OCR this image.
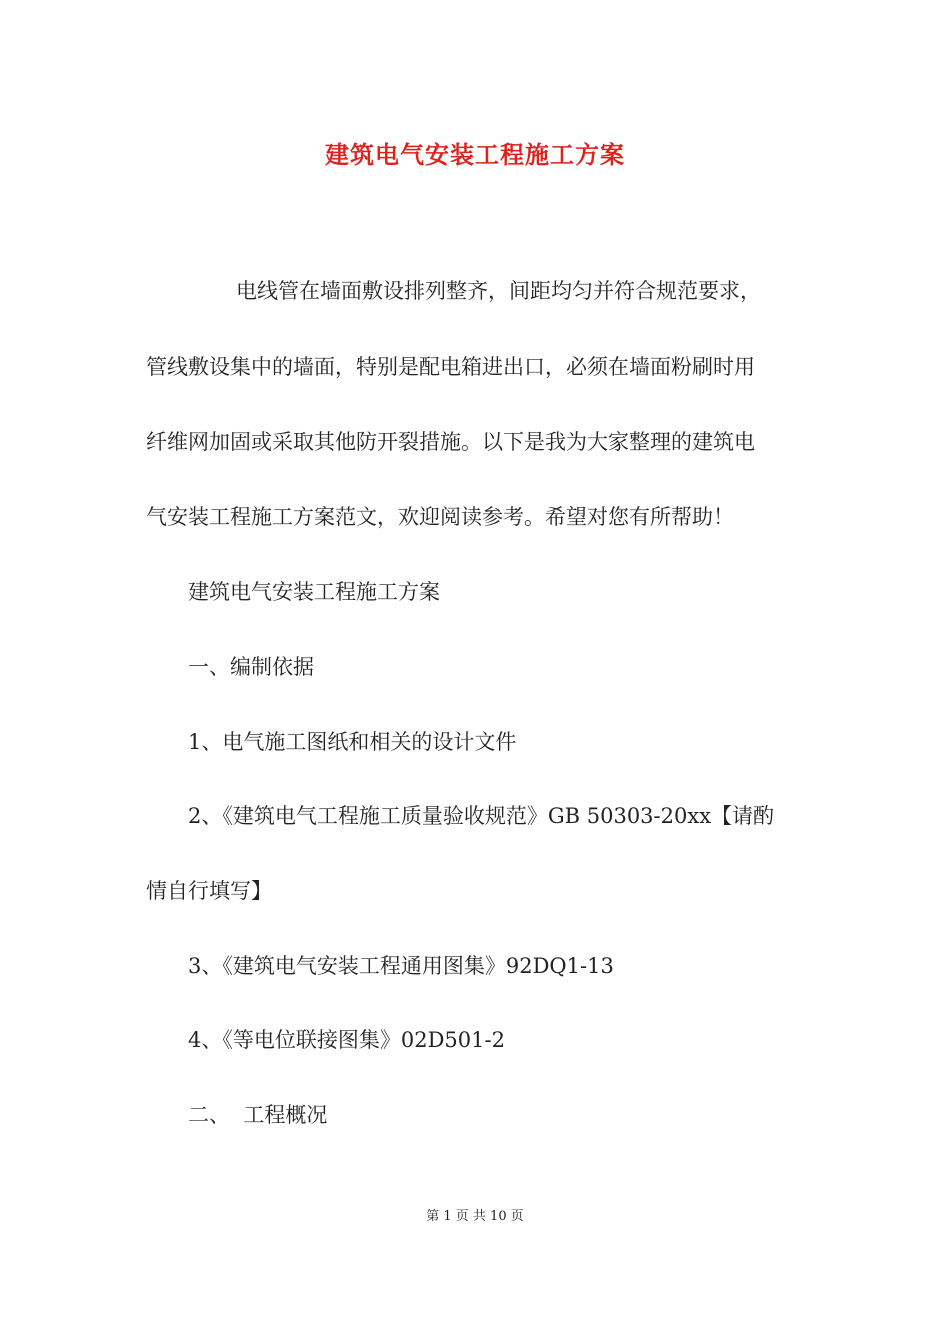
建筑电气安装工程施工方案
电线管在墙面敷设排列整齐，间距均匀并符合规范要求，
管线敷设集中的墙面，特别是配电箱进出口，必须在墙面粉刷时用
纤维网加固或采取其他防开裂措施。以下是我为大家整理的建筑电
气安装工程施工方案范文，欢迎阅读参考。希望对您有所帮助！
建筑电气安装工程施工方案
一、编制依据
1、电气施工图纸和相关的设计文件
2、《建筑电气工程施工质量验收规范》GB 50303-20xx【请酌
情自行填写】
3、《建筑电气安装工程通用图集》92DQ1-13
4、《等电位联接图集》02D501-2
二、  工程概况
第 1 页 共 10 页
